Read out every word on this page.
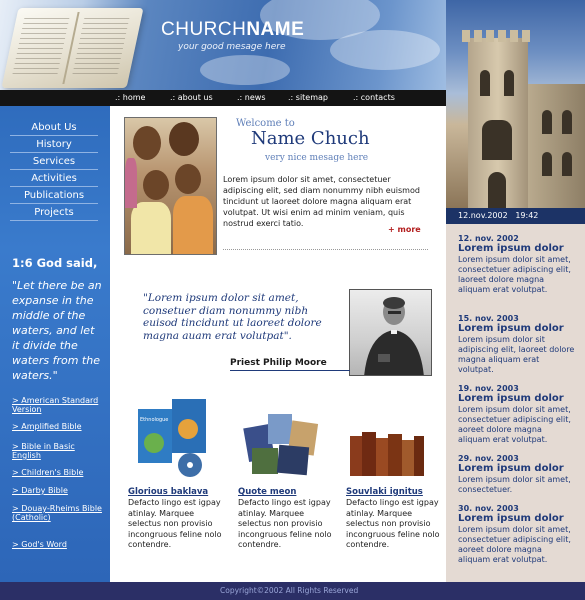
CHURCHNAME
your good mesage here
.: home	.: about us	.: news	.: sitemap	.: contacts
12.nov.2002 19:42
About Us
History
Services
Activities
Publications
Projects
1:6 God said,
"Let there be an expanse in the middle of the waters, and let it divide the waters from the waters."
> American Standard Version
> Amplified Bible
> Bible in Basic English
> Children's Bible
> Darby Bible
> Douay-Rheims Bible (Catholic)
> God's Word
Welcome to
Name Chuch
very nice mesage here
Lorem ipsum dolor sit amet, consectetuer adipiscing elit, sed diam nonummy nibh euismod tincidunt ut laoreet dolore magna aliquam erat volutpat. Ut wisi enim ad minim veniam, quis nostrud exerci tatio.
+ more
"Lorem ipsum dolor sit amet, consetuer diam nonummy nibh euisod tincidunt ut laoreet dolore magna auam erat volutpat".
Priest Philip Moore
Ethnologue
Glorious baklava
Defacto lingo est igpay atinlay. Marquee selectus non provisio incongruous feline nolo contendre.
Quote meon
Defacto lingo est igpay atinlay. Marquee selectus non provisio incongruous feline nolo contendre.
Souvlaki ignitus
Defacto lingo est igpay atinlay. Marquee selectus non provisio incongruous feline nolo contendre.
12. nov. 2002
Lorem ipsum dolor
Lorem ipsum dolor sit amet, consectetuer adipiscing elit, laoreet dolore magna aliquam erat volutpat.
15. nov. 2003
Lorem ipsum dolor
Lorem ipsum dolor sit adipiscing elit, laoreet dolore magna aliquam erat volutpat.
19. nov. 2003
Lorem ipsum dolor
Lorem ipsum dolor sit amet, consectetuer adipiscing elit, aoreet dolore magna aliquam erat volutpat.
29. nov. 2003
Lorem ipsum dolor
Lorem ipsum dolor sit amet, consectetuer.
30. nov. 2003
Lorem ipsum dolor
Lorem ipsum dolor sit amet, consectetuer adipiscing elit, aoreet dolore magna aliquam erat volutpat.
Copyright©2002 All Rights Reserved
